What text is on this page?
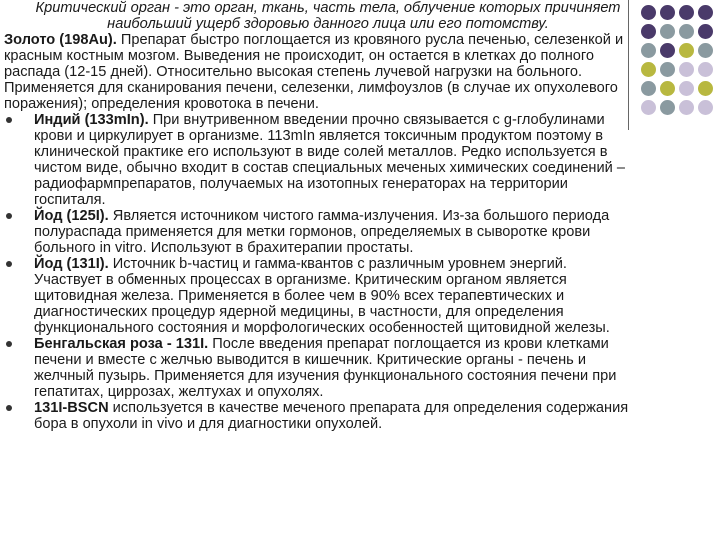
Критический орган - это орган, ткань, часть тела, облучение которых причиняет наибольший ущерб здоровью данного лица или его потомству.

Золото (198Au). Препарат быстро поглощается из кровяного русла печенью, селезенкой и красным костным мозгом. Выведения не происходит, он остается в клетках до полного распада (12-15 дней). Относительно высокая степень лучевой нагрузки на больного. Применяется для сканирования печени, селезенки, лимфоузлов (в случае их опухолевого поражения); определения кровотока в печени.

Индий (133mIn). При внутривенном введении прочно связывается с g-глобулинами крови и циркулирует в организме. 113mIn является токсичным продуктом поэтому в клинической практике его используют в виде солей металлов. Редко используется в чистом виде, обычно входит в состав специальных меченых химических соединений – радиофармпрепаратов, получаемых на изотопных генераторах на территории госпиталя.

Йод (125I). Является источником чистого гамма-излучения. Из-за большого периода полураспада применяется для метки гормонов, определяемых в сыворотке крови больного in vitro. Используют в брахитерапии простаты.

Йод (131I). Источник b-частиц и гамма-квантов с различным уровнем энергий. Участвует в обменных процессах в организме. Критическим органом является щитовидная железа. Применяется в более чем в 90% всех терапевтических и диагностических процедур ядерной медицины, в частности, для определения функционального состояния и морфологических особенностей щитовидной железы.

Бенгальская роза - 131I. После введения препарат поглощается из крови клетками печени и вместе с желчью выводится в кишечник. Критические органы - печень и желчный пузырь. Применяется для изучения функционального состояния печени при гепатитах, циррозах, желтухах и опухолях.

131I-BSCN используется в качестве меченого препарата для определения содержания бора в опухоли in vivo и для диагностики опухолей.
